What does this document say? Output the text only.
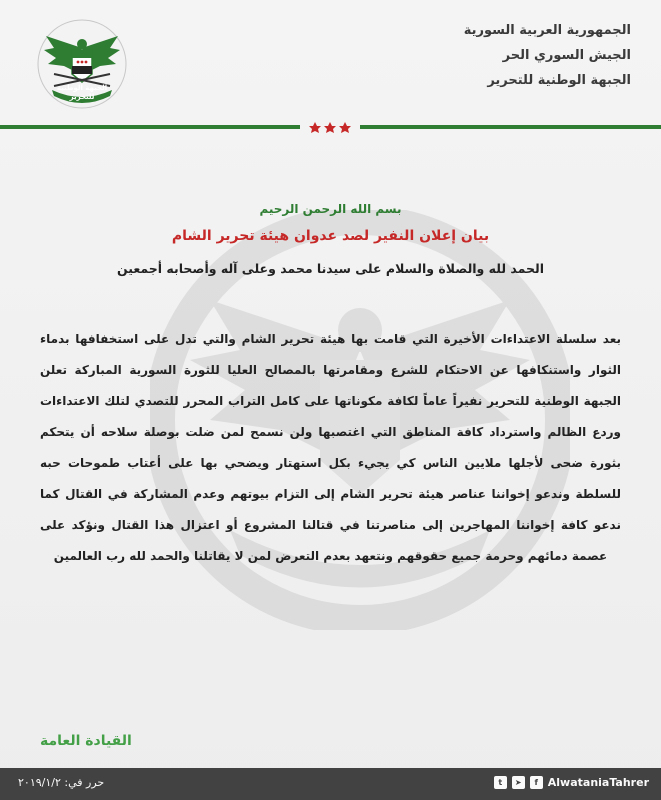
الجبهة الوطنية للتحرير
الجمهورية العربية السورية
الجيش السوري الحر
الجبهة الوطنية للتحرير
بسم الله الرحمن الرحيم
بيان إعلان النفير لصد عدوان هيئة تحرير الشام
الحمد لله والصلاة والسلام على سيدنا محمد وعلى آله وأصحابه أجمعين

بعد سلسلة الاعتداءات الأخيرة التي قامت بها هيئة تحرير الشام والتي تدل على استخفافها بدماء الثوار واستنكافها عن الاحتكام للشرع ومقامرتها بالمصالح العليا للثورة السورية المباركة تعلن الجبهة الوطنية للتحرير نفيراً عاماً لكافة مكوناتها على كامل التراب المحرر للتصدي لتلك الاعتداءات وردع الظالم واسترداد كافة المناطق التي اغتصبها ولن نسمح لمن ضلت بوصلة سلاحه أن يتحكم بثورة ضحى لأجلها ملايين الناس كي يجيء بكل استهتار ويضحي بها على أعتاب طموحات حبه للسلطة وندعو إخواننا عناصر هيئة تحرير الشام إلى التزام بيوتهم وعدم المشاركة في القتال كما ندعو كافة إخواننا المهاجرين إلى مناصرتنا في قتالنا المشروع أو اعتزال هذا القتال ونؤكد على عصمة دمائهم وحرمة جميع حقوقهم ونتعهد بعدم التعرض لمن لا يقاتلنا والحمد لله رب العالمين

القيادة العامة
t	➤	f AlwataniaTahrer
حرر في: ٢٠١٩/١/٢
